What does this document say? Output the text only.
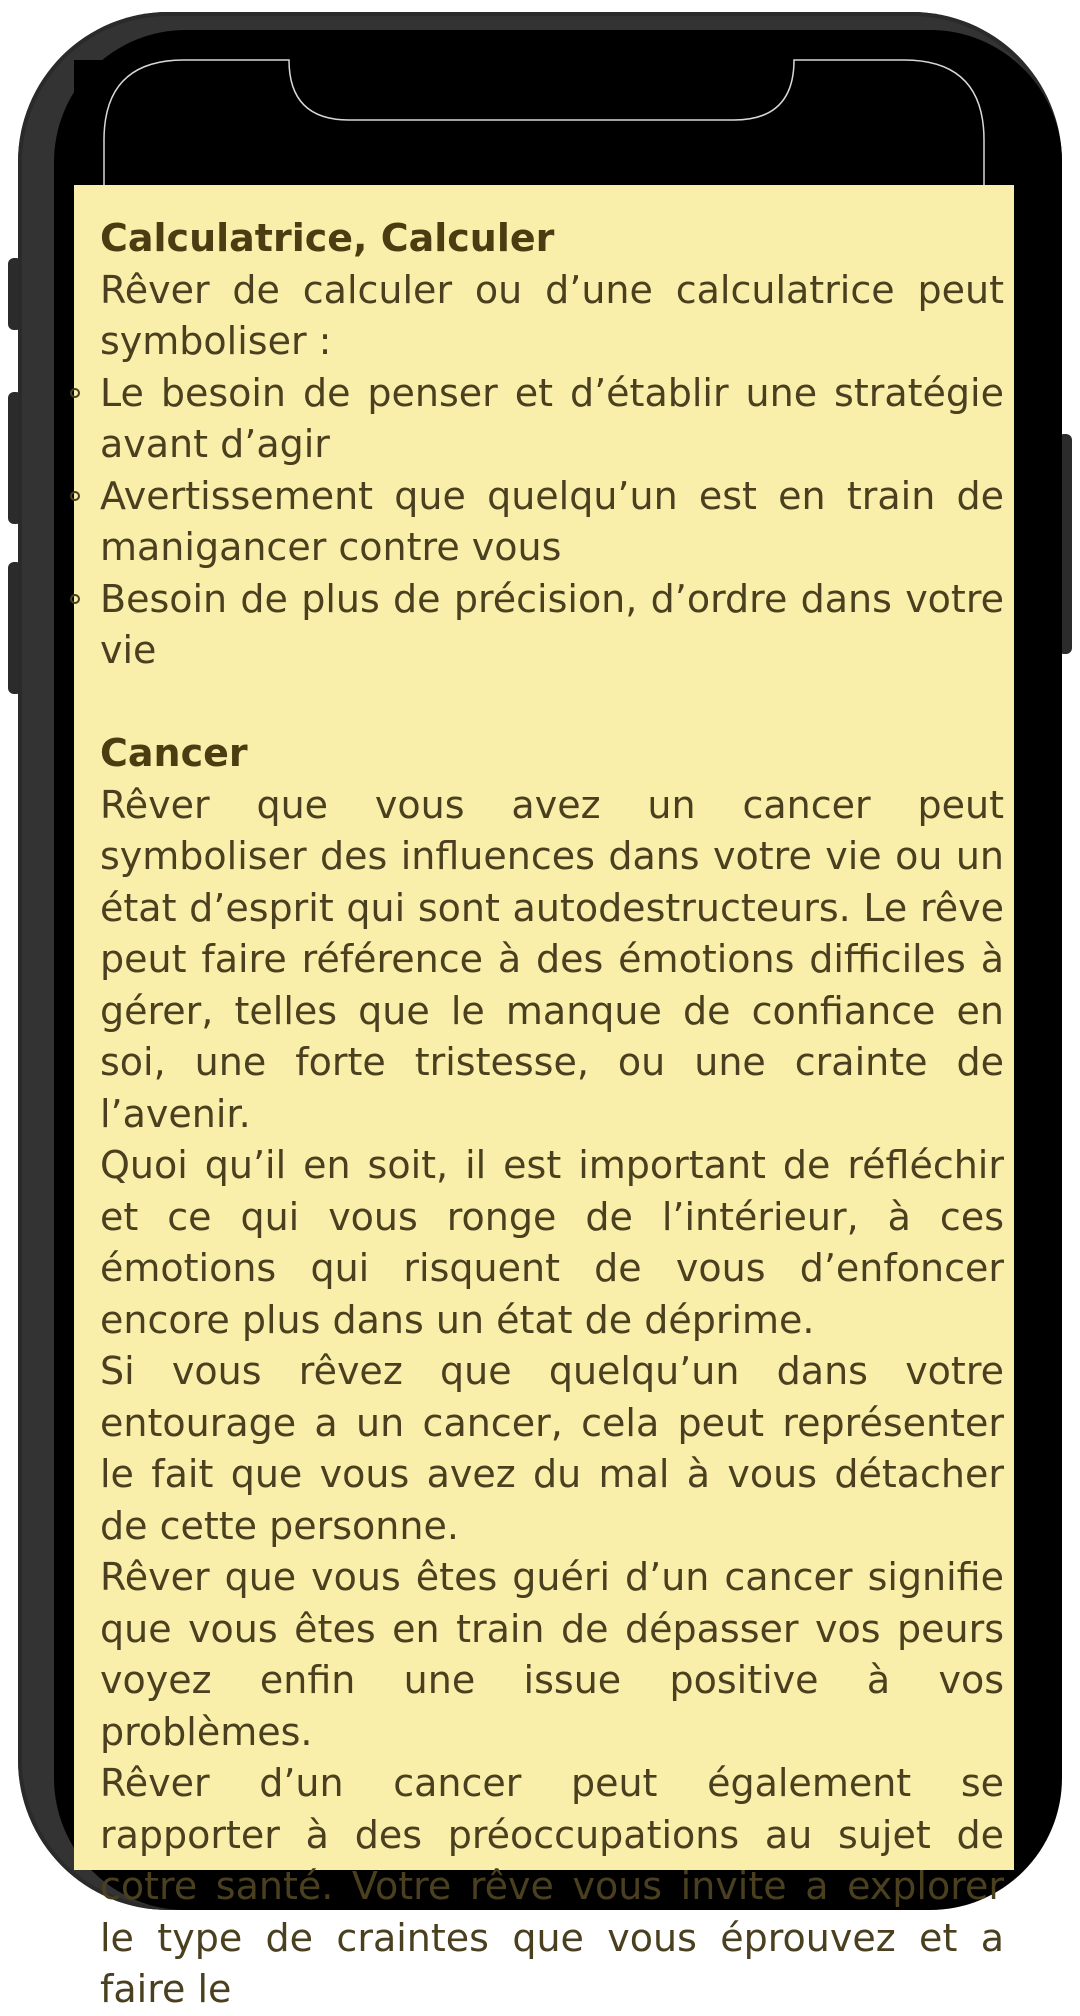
Calculatrice, Calculer

Rêver de calculer ou d’une calculatrice peut symboliser :

Le besoin de penser et d’établir une stratégie avant d’agir
Avertissement que quelqu’un est en train de manigancer contre vous
Besoin de plus de précision, d’ordre dans votre vie

Cancer

Rêver que vous avez un cancer peut symboliser des influences dans votre vie ou un état d’esprit qui sont autodestructeurs. Le rêve peut faire référence à des émotions difficiles à gérer, telles que le manque de confiance en soi, une forte tristesse, ou une crainte de l’avenir.

Quoi qu’il en soit, il est important de réfléchir et ce qui vous ronge de l’intérieur, à ces émotions qui risquent de vous d’enfoncer encore plus dans un état de déprime.

Si vous rêvez que quelqu’un dans votre entourage a un cancer, cela peut représenter le fait que vous avez du mal à vous détacher de cette personne.

Rêver que vous êtes guéri d’un cancer signifie que vous êtes en train de dépasser vos peurs voyez enfin une issue positive à vos problèmes.

Rêver d’un cancer peut également se rapporter à des préoccupations au sujet de cotre santé. Votre rêve vous invite a explorer le type de craintes que vous éprouvez et a faire le
